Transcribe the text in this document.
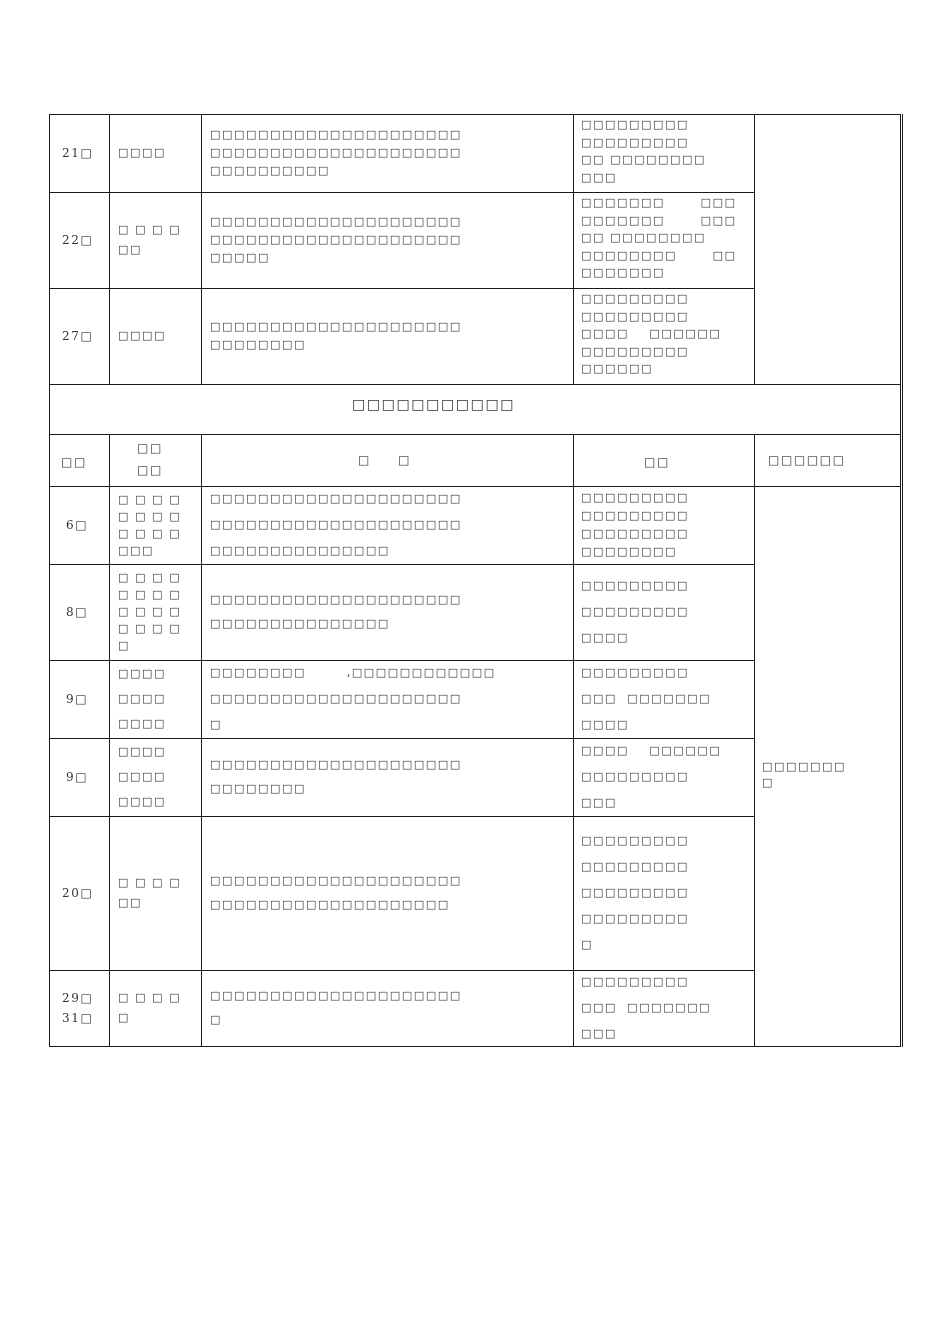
21□ □□□□
□□□□□□□□□□□□□□□□□□□□□
□□□□□□□□□□□□□□□□□□□□□
□□□□□□□□□□
□□□□□□□□□
□□□□□□□□□
□□ □□□□□□□□
□□□
22□
□ □ □ □
□□
□□□□□□□□□□□□□□□□□□□□□
□□□□□□□□□□□□□□□□□□□□□
□□□□□
□□□□□□□       □□□
□□□□□□□       □□□
□□ □□□□□□□□
□□□□□□□□       □□
□□□□□□□
27□ □□□□
□□□□□□□□□□□□□□□□□□□□□
□□□□□□□□
□□□□□□□□□
□□□□□□□□□
□□□□    □□□□□□
□□□□□□□□□
□□□□□□
□□□□□□□□□□□
□□
□□
□□
□　　□	□□	□□□□□□
6□
□ □ □ □
□ □ □ □
□ □ □ □
□□□
□□□□□□□□□□□□□□□□□□□□□
□□□□□□□□□□□□□□□□□□□□□
□□□□□□□□□□□□□□□
□□□□□□□□□
□□□□□□□□□
□□□□□□□□□
□□□□□□□□
8□
□ □ □ □
□ □ □ □
□ □ □ □
□ □ □ □
□
□□□□□□□□□□□□□□□□□□□□□
□□□□□□□□□□□□□□□
□□□□□□□□□
□□□□□□□□□
□□□□
9□
□□□□
□□□□
□□□□
□□□□□□□□        ,□□□□□□□□□□□□
□□□□□□□□□□□□□□□□□□□□□
□
□□□□□□□□□
□□□  □□□□□□□
□□□□
9□
□□□□
□□□□
□□□□
□□□□□□□□□□□□□□□□□□□□□
□□□□□□□□
□□□□    □□□□□□
□□□□□□□□□
□□□
20□
□ □ □ □
□□
□□□□□□□□□□□□□□□□□□□□□
□□□□□□□□□□□□□□□□□□□□
□□□□□□□□□
□□□□□□□□□
□□□□□□□□□
□□□□□□□□□
□
29□
31□
□ □ □ □
□
□□□□□□□□□□□□□□□□□□□□□
□
□□□□□□□□□
□□□  □□□□□□□
□□□
□□□□□□□
□
